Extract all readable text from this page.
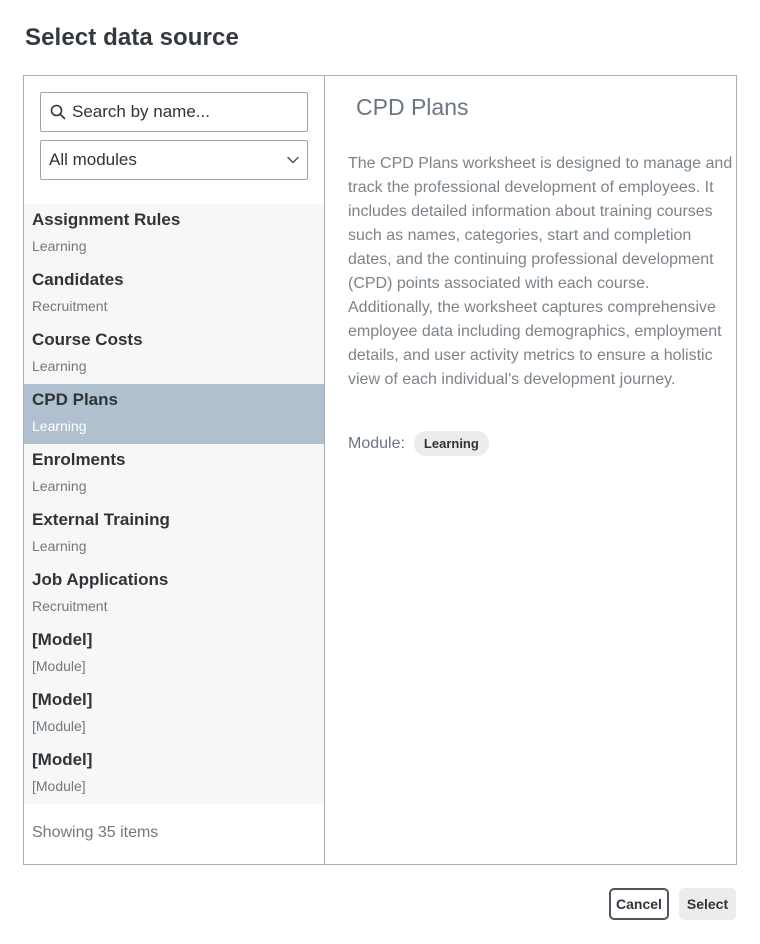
Select data source
Search by name...
All modules
Assignment Rules
Learning
Candidates
Recruitment
Course Costs
Learning
CPD Plans
Learning
Enrolments
Learning
External Training
Learning
Job Applications
Recruitment
[Model]
[Module]
[Model]
[Module]
[Model]
[Module]
Showing 35 items
CPD Plans
The CPD Plans worksheet is designed to manage and track the professional development of employees. It includes detailed information about training courses such as names, categories, start and completion dates, and the continuing professional development (CPD) points associated with each course. Additionally, the worksheet captures comprehensive employee data including demographics, employment details, and user activity metrics to ensure a holistic view of each individual's development journey.
Module:	Learning
Cancel	Select
